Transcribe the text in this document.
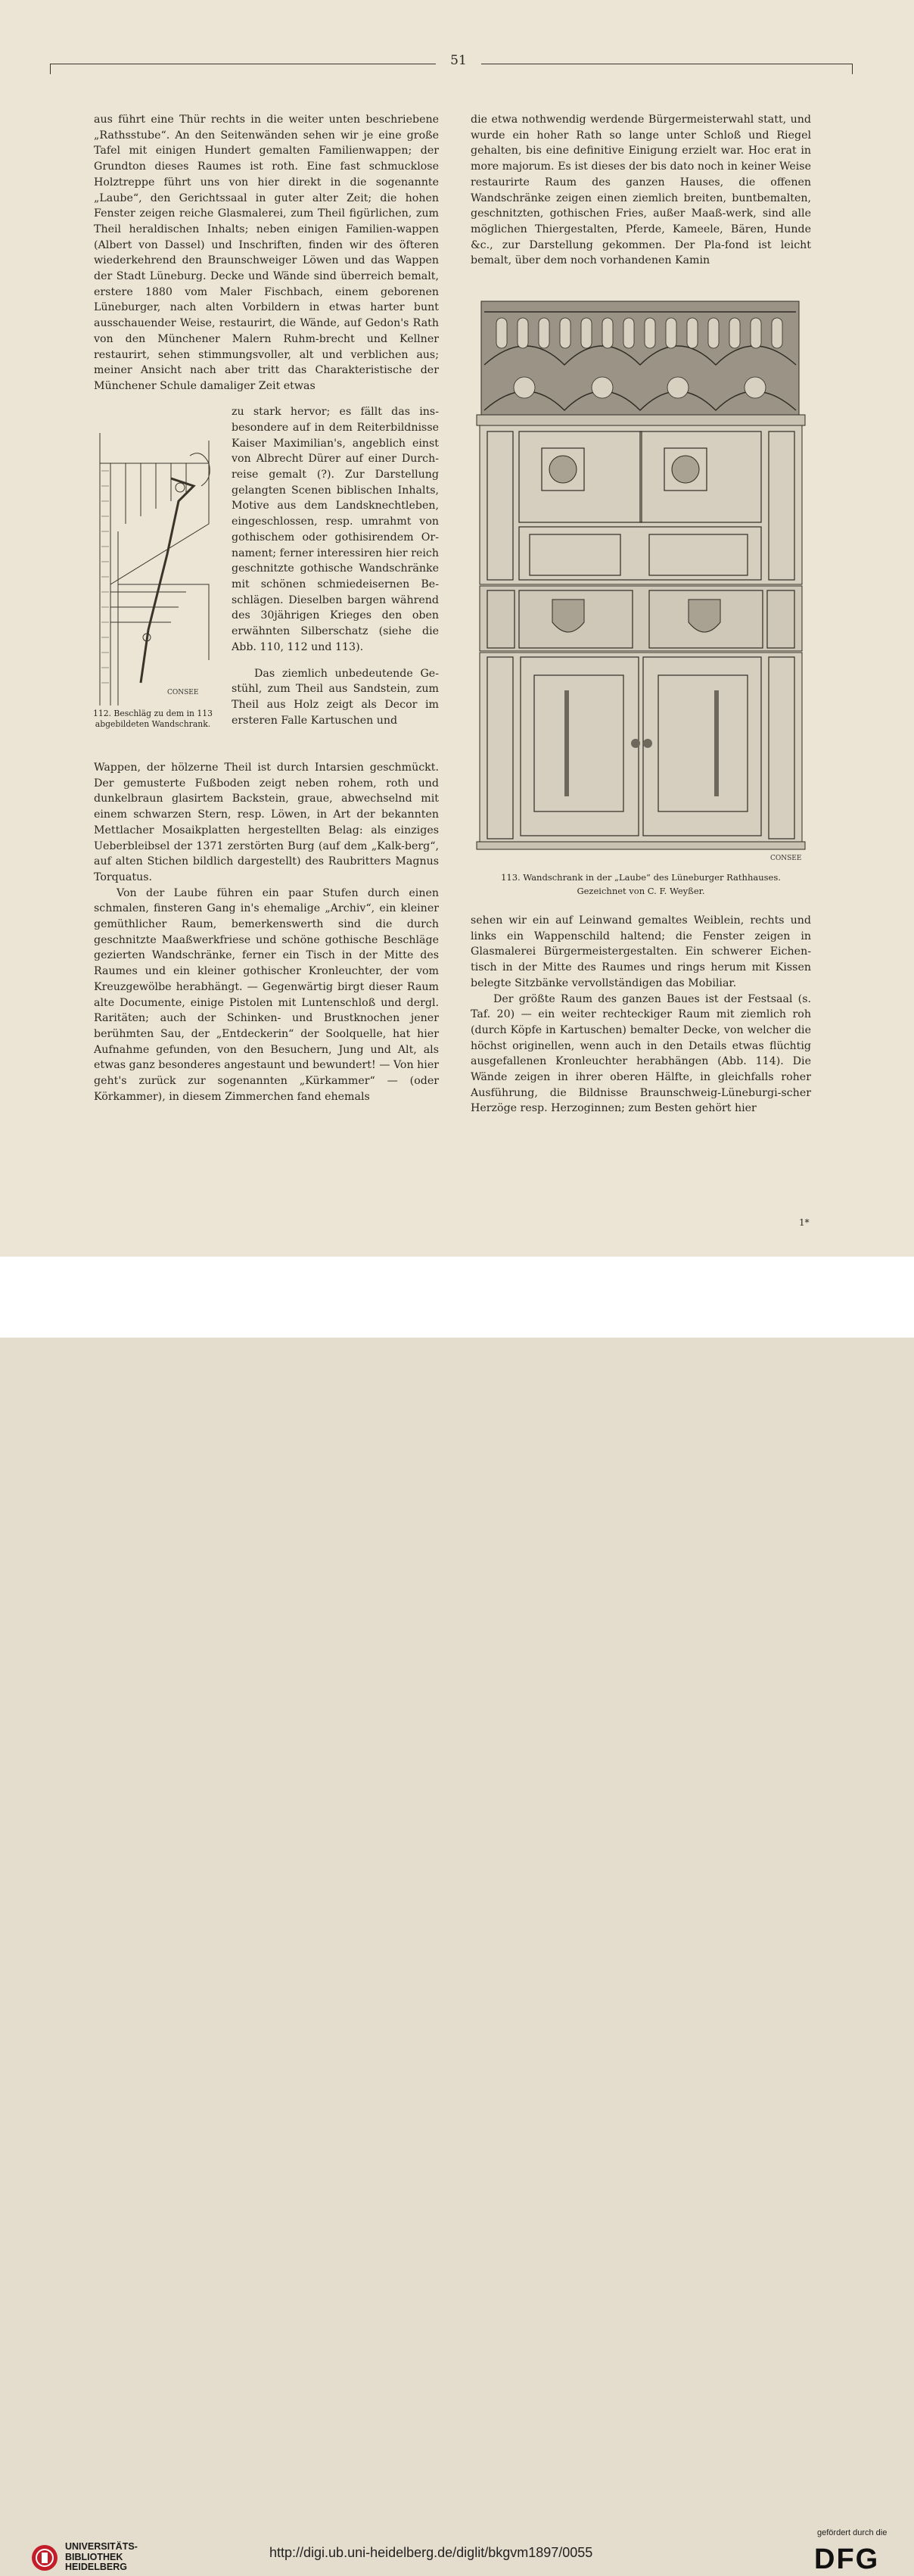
51

aus führt eine Thür rechts in die weiter unten beschriebene „Rathsstube“. An den Seitenwänden sehen wir je eine große Tafel mit einigen Hundert gemalten Familienwappen; der Grundton dieses Raumes ist roth. Eine fast schmucklose Holztreppe führt uns von hier direkt in die sogenannte „Laube“, den Gerichtssaal in guter alter Zeit; die hohen Fenster zeigen reiche Glasmalerei, zum Theil figürlichen, zum Theil heraldischen Inhalts; neben einigen Familien-wappen (Albert von Dassel) und Inschriften, finden wir des öfteren wiederkehrend den Braunschweiger Löwen und das Wappen der Stadt Lüneburg. Decke und Wände sind überreich bemalt, erstere 1880 vom Maler Fischbach, einem geborenen Lüneburger, nach alten Vorbildern in etwas harter bunt ausschauender Weise, restaurirt, die Wände, auf Gedon's Rath von den Münchener Malern Ruhm-brecht und Kellner restaurirt, sehen stimmungsvoller, alt und verblichen aus; meiner Ansicht nach aber tritt das Charakteristische der Münchener Schule damaliger Zeit etwas

zu stark hervor; es fällt das ins-besondere auf in dem Reiterbildnisse Kaiser Maximilian's, angeblich einst von Albrecht Dürer auf einer Durch-reise gemalt (?). Zur Darstellung gelangten Scenen biblischen Inhalts, Motive aus dem Landsknechtleben, eingeschlossen, resp. umrahmt von gothischem oder gothisirendem Or-nament; ferner interessiren hier reich geschnitzte gothische Wandschränke mit schönen schmiedeisernen Be-schlägen. Dieselben bargen während des 30jährigen Krieges den oben erwähnten Silberschatz (siehe die Abb. 110, 112 und 113).

Das ziemlich unbedeutende Ge-stühl, zum Theil aus Sandstein, zum Theil aus Holz zeigt als Decor im ersteren Falle Kartuschen und

CONSEE
112. Beschläg zu dem in 113 abgebildeten Wandschrank.

Wappen, der hölzerne Theil ist durch Intarsien geschmückt. Der gemusterte Fußboden zeigt neben rohem, roth und dunkelbraun glasirtem Backstein, graue, abwechselnd mit einem schwarzen Stern, resp. Löwen, in Art der bekannten Mettlacher Mosaikplatten hergestellten Belag: als einziges Ueberbleibsel der 1371 zerstörten Burg (auf dem „Kalk-berg“, auf alten Stichen bildlich dargestellt) des Raubritters Magnus Torquatus.

Von der Laube führen ein paar Stufen durch einen schmalen, finsteren Gang in's ehemalige „Archiv“, ein kleiner gemüthlicher Raum, bemerkenswerth sind die durch geschnitzte Maaßwerkfriese und schöne gothische Beschläge gezierten Wandschränke, ferner ein Tisch in der Mitte des Raumes und ein kleiner gothischer Kronleuchter, der vom Kreuzgewölbe herabhängt. — Gegenwärtig birgt dieser Raum alte Documente, einige Pistolen mit Luntenschloß und dergl. Raritäten; auch der Schinken- und Brustknochen jener berühmten Sau, der „Entdeckerin“ der Soolquelle, hat hier Aufnahme gefunden, von den Besuchern, Jung und Alt, als etwas ganz besonderes angestaunt und bewundert! — Von hier geht's zurück zur sogenannten „Kürkammer“ — (oder Körkammer), in diesem Zimmerchen fand ehemals

die etwa nothwendig werdende Bürgermeisterwahl statt, und wurde ein hoher Rath so lange unter Schloß und Riegel gehalten, bis eine definitive Einigung erzielt war. Hoc erat in more majorum. Es ist dieses der bis dato noch in keiner Weise restaurirte Raum des ganzen Hauses, die offenen Wandschränke zeigen einen ziemlich breiten, buntbemalten, geschnitzten, gothischen Fries, außer Maaß-werk, sind alle möglichen Thiergestalten, Pferde, Kameele, Bären, Hunde &c., zur Darstellung gekommen. Der Pla-fond ist leicht bemalt, über dem noch vorhandenen Kamin

CONSEE
113. Wandschrank in der „Laube“ des Lüneburger Rathhauses.
Gezeichnet von C. F. Weyßer.

sehen wir ein auf Leinwand gemaltes Weiblein, rechts und links ein Wappenschild haltend; die Fenster zeigen in Glasmalerei Bürgermeistergestalten. Ein schwerer Eichen-tisch in der Mitte des Raumes und rings herum mit Kissen belegte Sitzbänke vervollständigen das Mobiliar.

Der größte Raum des ganzen Baues ist der Festsaal (s. Taf. 20) — ein weiter rechteckiger Raum mit ziemlich roh (durch Köpfe in Kartuschen) bemalter Decke, von welcher die höchst originellen, wenn auch in den Details etwas flüchtig ausgefallenen Kronleuchter herabhängen (Abb. 114). Die Wände zeigen in ihrer oberen Hälfte, in gleichfalls roher Ausführung, die Bildnisse Braunschweig-Lüneburgi-scher Herzöge resp. Herzoginnen; zum Besten gehört hier

1*
UNIVERSITÄTS-
BIBLIOTHEK
HEIDELBERG
http://digi.ub.uni-heidelberg.de/diglit/bkgvm1897/0055
gefördert durch die
DFG
